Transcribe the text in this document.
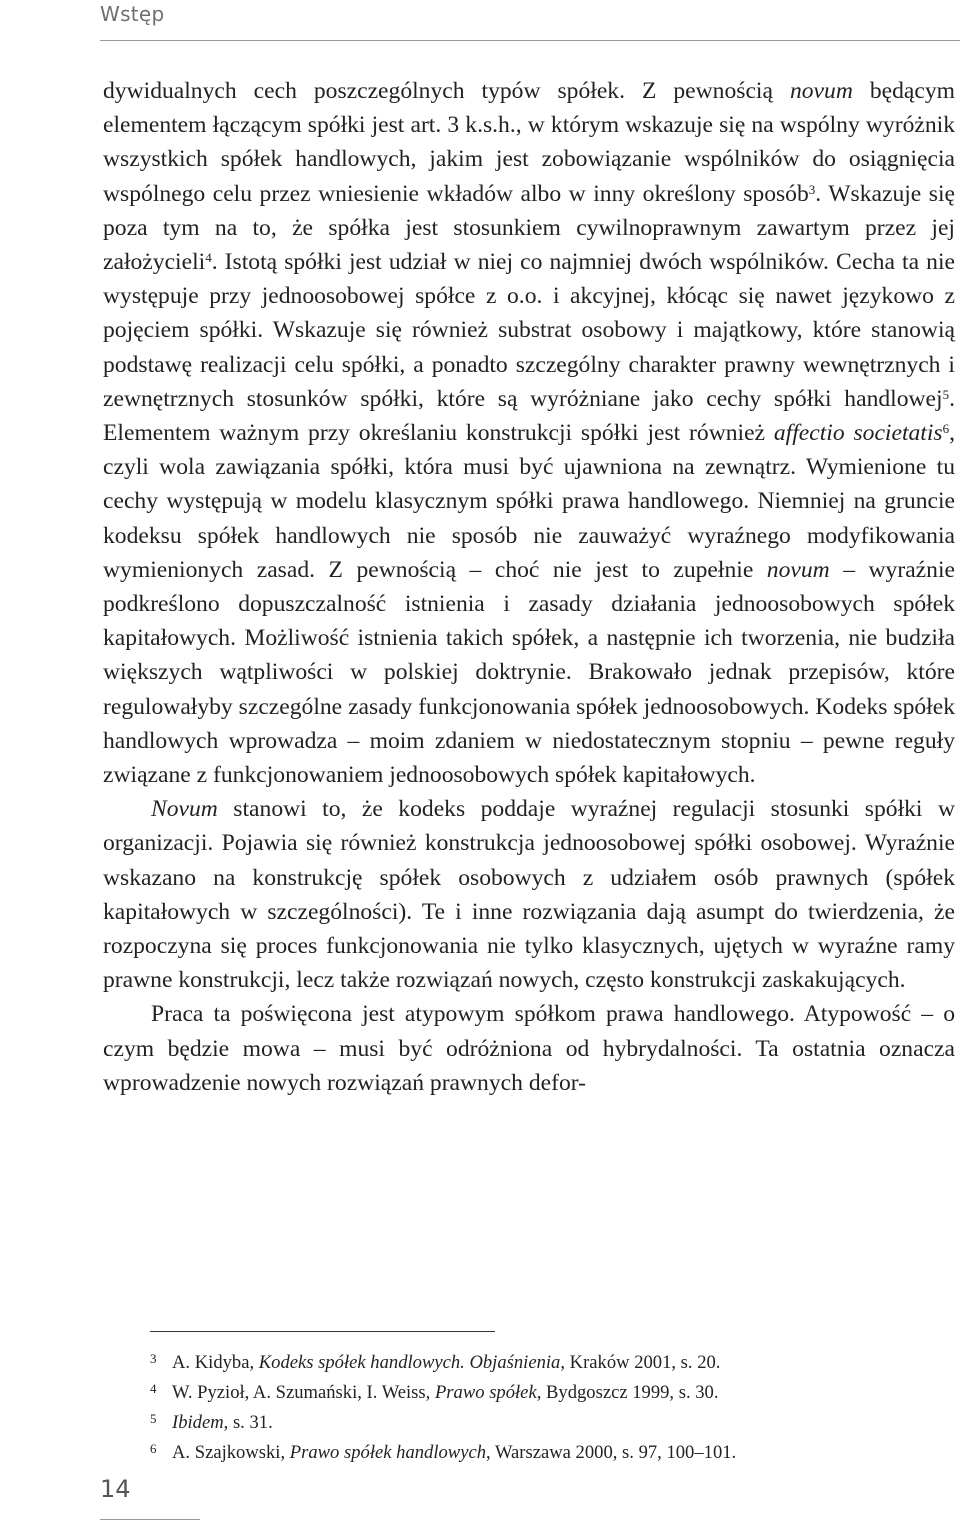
Wstęp

dywidualnych cech poszczególnych typów spółek. Z pewnością novum będącym elementem łączącym spółki jest art. 3 k.s.h., w którym wskazuje się na wspólny wyróżnik wszystkich spółek handlowych, jakim jest zobowiązanie wspólników do osiągnięcia wspólnego celu przez wniesienie wkładów albo w inny określony sposób$^3$. Wskazuje się poza tym na to, że spółka jest stosunkiem cywilnoprawnym zawartym przez jej założycieli$^4$. Istotą spółki jest udział w niej co najmniej dwóch wspólników. Cecha ta nie występuje przy jednoosobowej spółce z o.o. i akcyjnej, kłócąc się nawet językowo z pojęciem spółki. Wskazuje się również substrat osobowy i majątkowy, które stanowią podstawę realizacji celu spółki, a ponadto szczególny charakter prawny wewnętrznych i zewnętrznych stosunków spółki, które są wyróżniane jako cechy spółki handlowej$^5$. Elementem ważnym przy określaniu konstrukcji spółki jest również affectio societatis$^6$, czyli wola zawiązania spółki, która musi być ujawniona na zewnątrz. Wymienione tu cechy występują w modelu klasycznym spółki prawa handlowego. Niemniej na gruncie kodeksu spółek handlowych nie sposób nie zauważyć wyraźnego modyfikowania wymienionych zasad. Z pewnością – choć nie jest to zupełnie novum – wyraźnie podkreślono dopuszczalność istnienia i zasady działania jednoosobowych spółek kapitałowych. Możliwość istnienia takich spółek, a następnie ich tworzenia, nie budziła większych wątpliwości w polskiej doktrynie. Brakowało jednak przepisów, które regulowałyby szczególne zasady funkcjonowania spółek jednoosobowych. Kodeks spółek handlowych wprowadza – moim zdaniem w niedostatecznym stopniu – pewne reguły związane z funkcjonowaniem jednoosobowych spółek kapitałowych.

Novum stanowi to, że kodeks poddaje wyraźnej regulacji stosunki spółki w organizacji. Pojawia się również konstrukcja jednoosobowej spółki osobowej. Wyraźnie wskazano na konstrukcję spółek osobowych z udziałem osób prawnych (spółek kapitałowych w szczególności). Te i inne rozwiązania dają asumpt do twierdzenia, że rozpoczyna się proces funkcjonowania nie tylko klasycznych, ujętych w wyraźne ramy prawne konstrukcji, lecz także rozwiązań nowych, często konstrukcji zaskakujących.

Praca ta poświęcona jest atypowym spółkom prawa handlowego. Atypowość – o czym będzie mowa – musi być odróżniona od hybrydalności. Ta ostatnia oznacza wprowadzenie nowych rozwiązań prawnych defor-

3 A. Kidyba, Kodeks spółek handlowych. Objaśnienia, Kraków 2001, s. 20.
4 W. Pyzioł, A. Szumański, I. Weiss, Prawo spółek, Bydgoszcz 1999, s. 30.
5 Ibidem, s. 31.
6 A. Szajkowski, Prawo spółek handlowych, Warszawa 2000, s. 97, 100–101.
14
